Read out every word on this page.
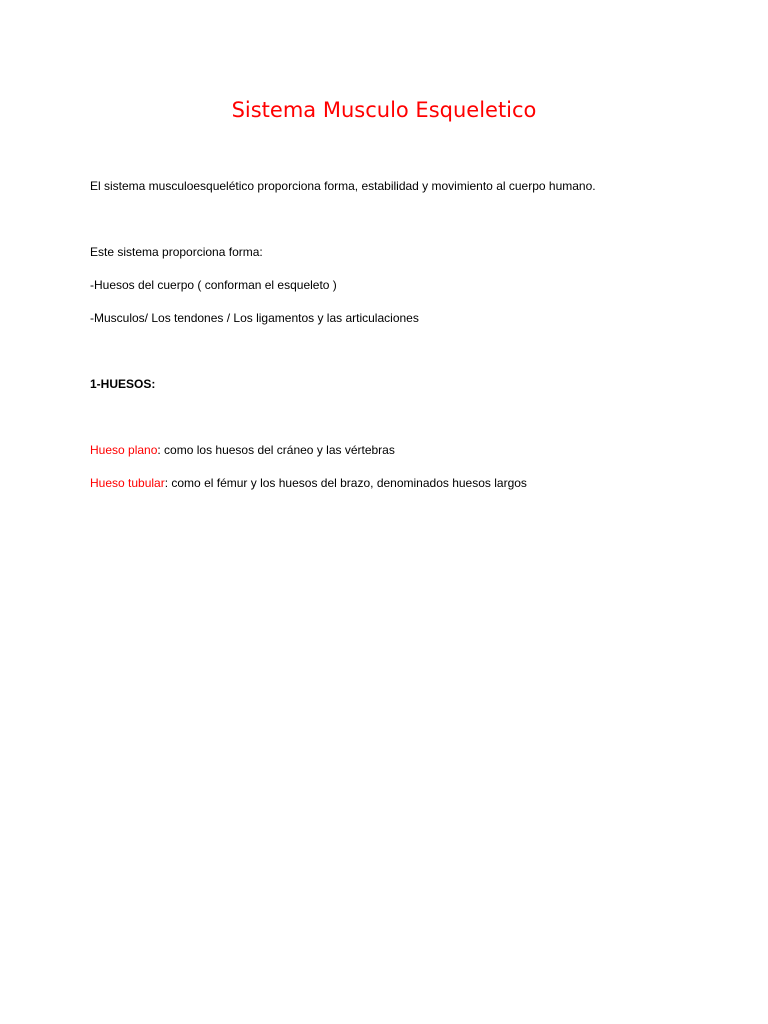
Sistema Musculo Esqueletico
El sistema musculoesquelético proporciona forma, estabilidad y movimiento al cuerpo humano.
Este sistema proporciona forma:
-Huesos del cuerpo ( conforman el esqueleto )
-Musculos/ Los tendones / Los ligamentos y las articulaciones
1-HUESOS:
Hueso plano: como los huesos del cráneo y las vértebras
Hueso tubular: como el fémur y los huesos del brazo, denominados huesos largos
